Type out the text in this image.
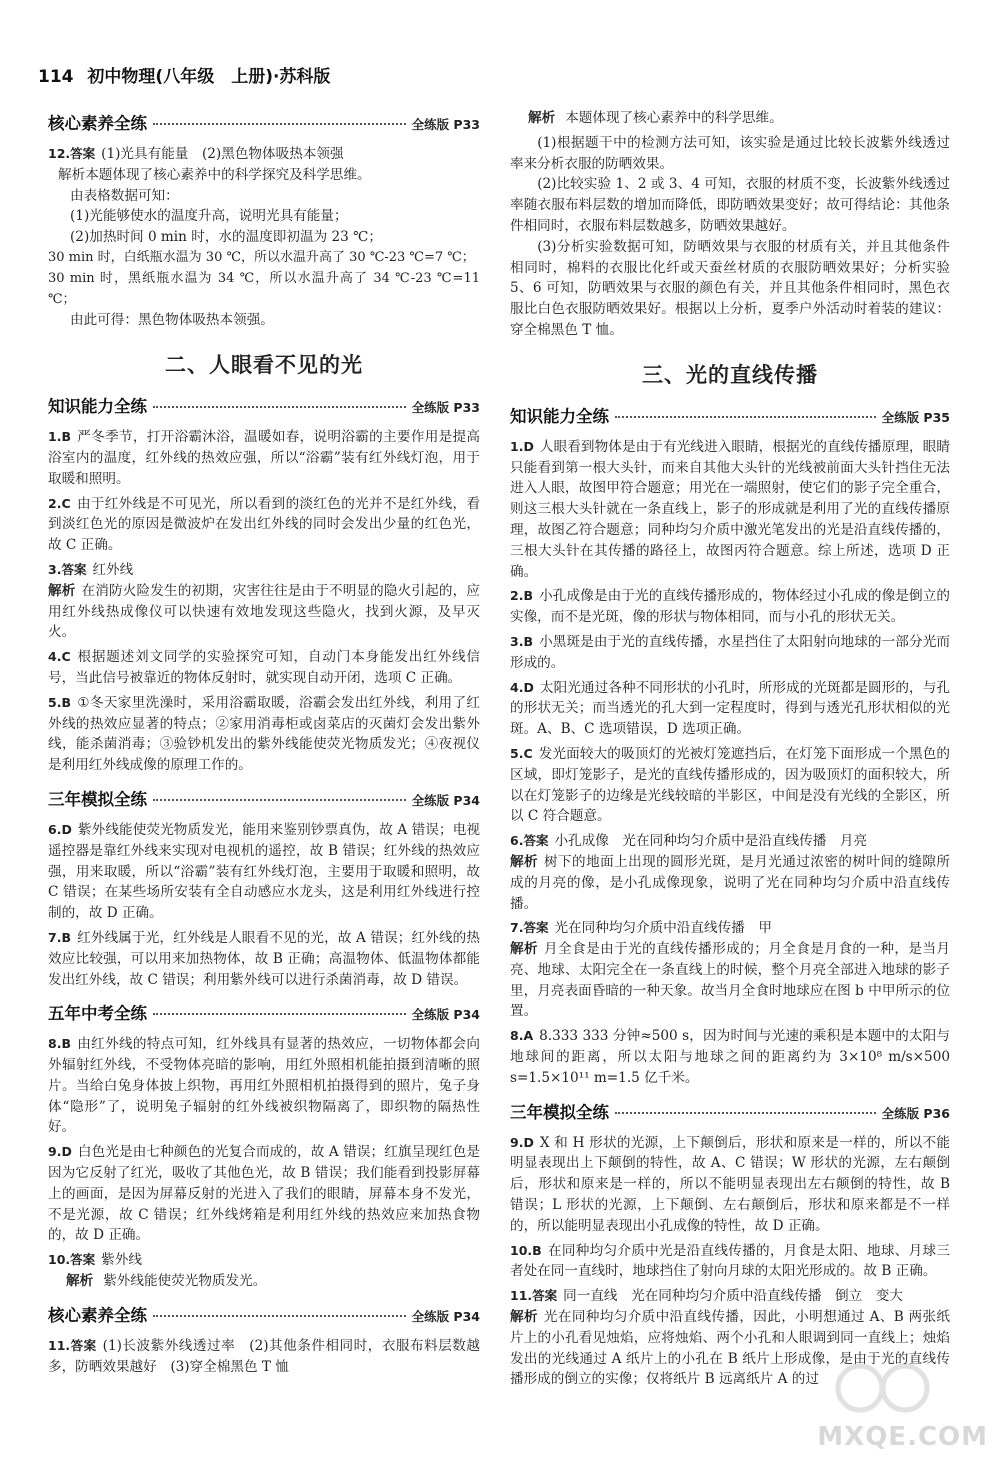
114 初中物理(八年级　上册)·苏科版
核心素养全练	全练版 P33
12.答案 (1)光具有能量　(2)黑色物体吸热本领强

解析本题体现了核心素养中的科学探究及科学思维。

由表格数据可知：

(1)光能够使水的温度升高，说明光具有能量；

(2)加热时间 0 min 时，水的温度即初温为 23 ℃；

30 min 时，白纸瓶水温为 30 ℃，所以水温升高了 30 ℃-23 ℃=7 ℃；

30 min 时，黑纸瓶水温为 34 ℃，所以水温升高了 34 ℃-23 ℃=11 ℃；

由此可得：黑色物体吸热本领强。

二、人眼看不见的光
知识能力全练	全练版 P33
1.B 严冬季节，打开浴霸沐浴，温暖如春，说明浴霸的主要作用是提高浴室内的温度，红外线的热效应强，所以“浴霸”装有红外线灯泡，用于取暖和照明。
2.C 由于红外线是不可见光，所以看到的淡红色的光并不是红外线，看到淡红色光的原因是微波炉在发出红外线的同时会发出少量的红色光，故 C 正确。
3.答案 红外线
解析 在消防火险发生的初期，灾害往往是由于不明显的隐火引起的，应用红外线热成像仪可以快速有效地发现这些隐火，找到火源，及早灭火。
4.C 根据题述刘文同学的实验探究可知，自动门本身能发出红外线信号，当此信号被靠近的物体反射时，就实现自动开闭，选项 C 正确。
5.B ①冬天家里洗澡时，采用浴霸取暖，浴霸会发出红外线，利用了红外线的热效应显著的特点；②家用消毒柜或卤菜店的灭菌灯会发出紫外线，能杀菌消毒；③验钞机发出的紫外线能使荧光物质发光；④夜视仪是利用红外线成像的原理工作的。
三年模拟全练	全练版 P34
6.D 紫外线能使荧光物质发光，能用来鉴别钞票真伪，故 A 错误；电视遥控器是靠红外线来实现对电视机的遥控，故 B 错误；红外线的热效应强，用来取暖，所以“浴霸”装有红外线灯泡，主要用于取暖和照明，故 C 错误；在某些场所安装有全自动感应水龙头，这是利用红外线进行控制的，故 D 正确。
7.B 红外线属于光，红外线是人眼看不见的光，故 A 错误；红外线的热效应比较强，可以用来加热物体，故 B 正确；高温物体、低温物体都能发出红外线，故 C 错误；利用紫外线可以进行杀菌消毒，故 D 错误。
五年中考全练	全练版 P34
8.B 由红外线的特点可知，红外线具有显著的热效应，一切物体都会向外辐射红外线，不受物体亮暗的影响，用红外照相机能拍摄到清晰的照片。当给白兔身体披上织物，再用红外照相机拍摄得到的照片，兔子身体“隐形”了，说明兔子辐射的红外线被织物隔离了，即织物的隔热性好。
9.D 白色光是由七种颜色的光复合而成的，故 A 错误；红旗呈现红色是因为它反射了红光，吸收了其他色光，故 B 错误；我们能看到投影屏幕上的画面，是因为屏幕反射的光进入了我们的眼睛，屏幕本身不发光，不是光源，故 C 错误；红外线烤箱是利用红外线的热效应来加热食物的，故 D 正确。
10.答案 紫外线
解析 紫外线能使荧光物质发光。
核心素养全练	全练版 P34
11.答案 (1)长波紫外线透过率　(2)其他条件相同时，衣服布料层数越多，防晒效果越好　(3)穿全棉黑色 T 恤

解析 本题体现了核心素养中的科学思维。

(1)根据题干中的检测方法可知，该实验是通过比较长波紫外线透过率来分析衣服的防晒效果。

(2)比较实验 1、2 或 3、4 可知，衣服的材质不变，长波紫外线透过率随衣服布料层数的增加而降低，即防晒效果变好；故可得结论：其他条件相同时，衣服布料层数越多，防晒效果越好。

(3)分析实验数据可知，防晒效果与衣服的材质有关，并且其他条件相同时，棉料的衣服比化纤或天蚕丝材质的衣服防晒效果好；分析实验 5、6 可知，防晒效果与衣服的颜色有关，并且其他条件相同时，黑色衣服比白色衣服防晒效果好。根据以上分析，夏季户外活动时着装的建议：穿全棉黑色 T 恤。

三、光的直线传播
知识能力全练	全练版 P35
1.D 人眼看到物体是由于有光线进入眼睛，根据光的直线传播原理，眼睛只能看到第一根大头针，而来自其他大头针的光线被前面大头针挡住无法进入人眼，故图甲符合题意；用光在一端照射，使它们的影子完全重合，则这三根大头针就在一条直线上，影子的形成就是利用了光的直线传播原理，故图乙符合题意；同种均匀介质中激光笔发出的光是沿直线传播的，三根大头针在其传播的路径上，故图丙符合题意。综上所述，选项 D 正确。
2.B 小孔成像是由于光的直线传播形成的，物体经过小孔成的像是倒立的实像，而不是光斑，像的形状与物体相同，而与小孔的形状无关。
3.B 小黑斑是由于光的直线传播，水星挡住了太阳射向地球的一部分光而形成的。
4.D 太阳光通过各种不同形状的小孔时，所形成的光斑都是圆形的，与孔的形状无关；而当透光的孔大到一定程度时，得到与透光孔形状相似的光斑。A、B、C 选项错误，D 选项正确。
5.C 发光面较大的吸顶灯的光被灯笼遮挡后，在灯笼下面形成一个黑色的区域，即灯笼影子，是光的直线传播形成的，因为吸顶灯的面积较大，所以在灯笼影子的边缘是光线较暗的半影区，中间是没有光线的全影区，所以 C 符合题意。
6.答案 小孔成像　光在同种均匀介质中是沿直线传播　月亮
解析 树下的地面上出现的圆形光斑，是月光通过浓密的树叶间的缝隙所成的月亮的像，是小孔成像现象，说明了光在同种均匀介质中沿直线传播。
7.答案 光在同种均匀介质中沿直线传播　甲
解析 月全食是由于光的直线传播形成的；月全食是月食的一种，是当月亮、地球、太阳完全在一条直线上的时候，整个月亮全部进入地球的影子里，月亮表面昏暗的一种天象。故当月全食时地球应在图 b 中甲所示的位置。
8.A 8.333 333 分钟≈500 s，因为时间与光速的乘积是本题中的太阳与地球间的距离，所以太阳与地球之间的距离约为 3×10⁸ m/s×500 s=1.5×10¹¹ m=1.5 亿千米。
三年模拟全练	全练版 P36
9.D X 和 H 形状的光源，上下颠倒后，形状和原来是一样的，所以不能明显表现出上下颠倒的特性，故 A、C 错误；W 形状的光源，左右颠倒后，形状和原来是一样的，所以不能明显表现出左右颠倒的特性，故 B 错误；L 形状的光源，上下颠倒、左右颠倒后，形状和原来都是不一样的，所以能明显表现出小孔成像的特性，故 D 正确。
10.B 在同种均匀介质中光是沿直线传播的，月食是太阳、地球、月球三者处在同一直线时，地球挡住了射向月球的太阳光形成的。故 B 正确。
11.答案 同一直线　光在同种均匀介质中沿直线传播　倒立　变大
解析 光在同种均匀介质中沿直线传播，因此，小明想通过 A、B 两张纸片上的小孔看见烛焰，应将烛焰、两个小孔和人眼调到同一直线上；烛焰发出的光线通过 A 纸片上的小孔在 B 纸片上形成像，是由于光的直线传播形成的倒立的实像；仅将纸片 B 远离纸片 A 的过
MXQE.COM
